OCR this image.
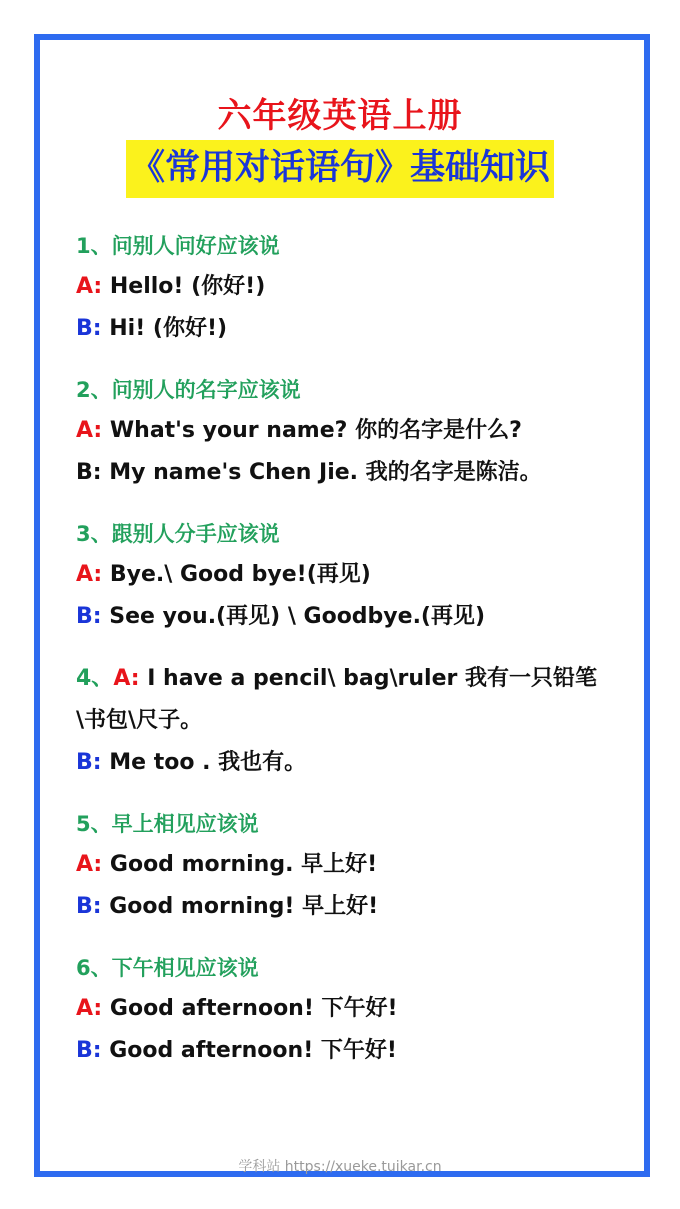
六年级英语上册
《常用对话语句》基础知识
1、问别人问好应该说
A: Hello! (你好!)
B: Hi! (你好!)
2、问别人的名字应该说
A: What's your name? 你的名字是什么?
B: My name's Chen Jie. 我的名字是陈洁。
3、跟别人分手应该说
A: Bye.\ Good bye!(再见)
B: See you.(再见) \ Goodbye.(再见)
4、A: I have a pencil\ bag\ruler 我有一只铅笔\书包\尺子。
B: Me too . 我也有。
5、早上相见应该说
A: Good morning. 早上好!
B: Good morning! 早上好!
6、下午相见应该说
A: Good afternoon! 下午好!
B: Good afternoon! 下午好!
学科站 https://xueke.tuikar.cn
